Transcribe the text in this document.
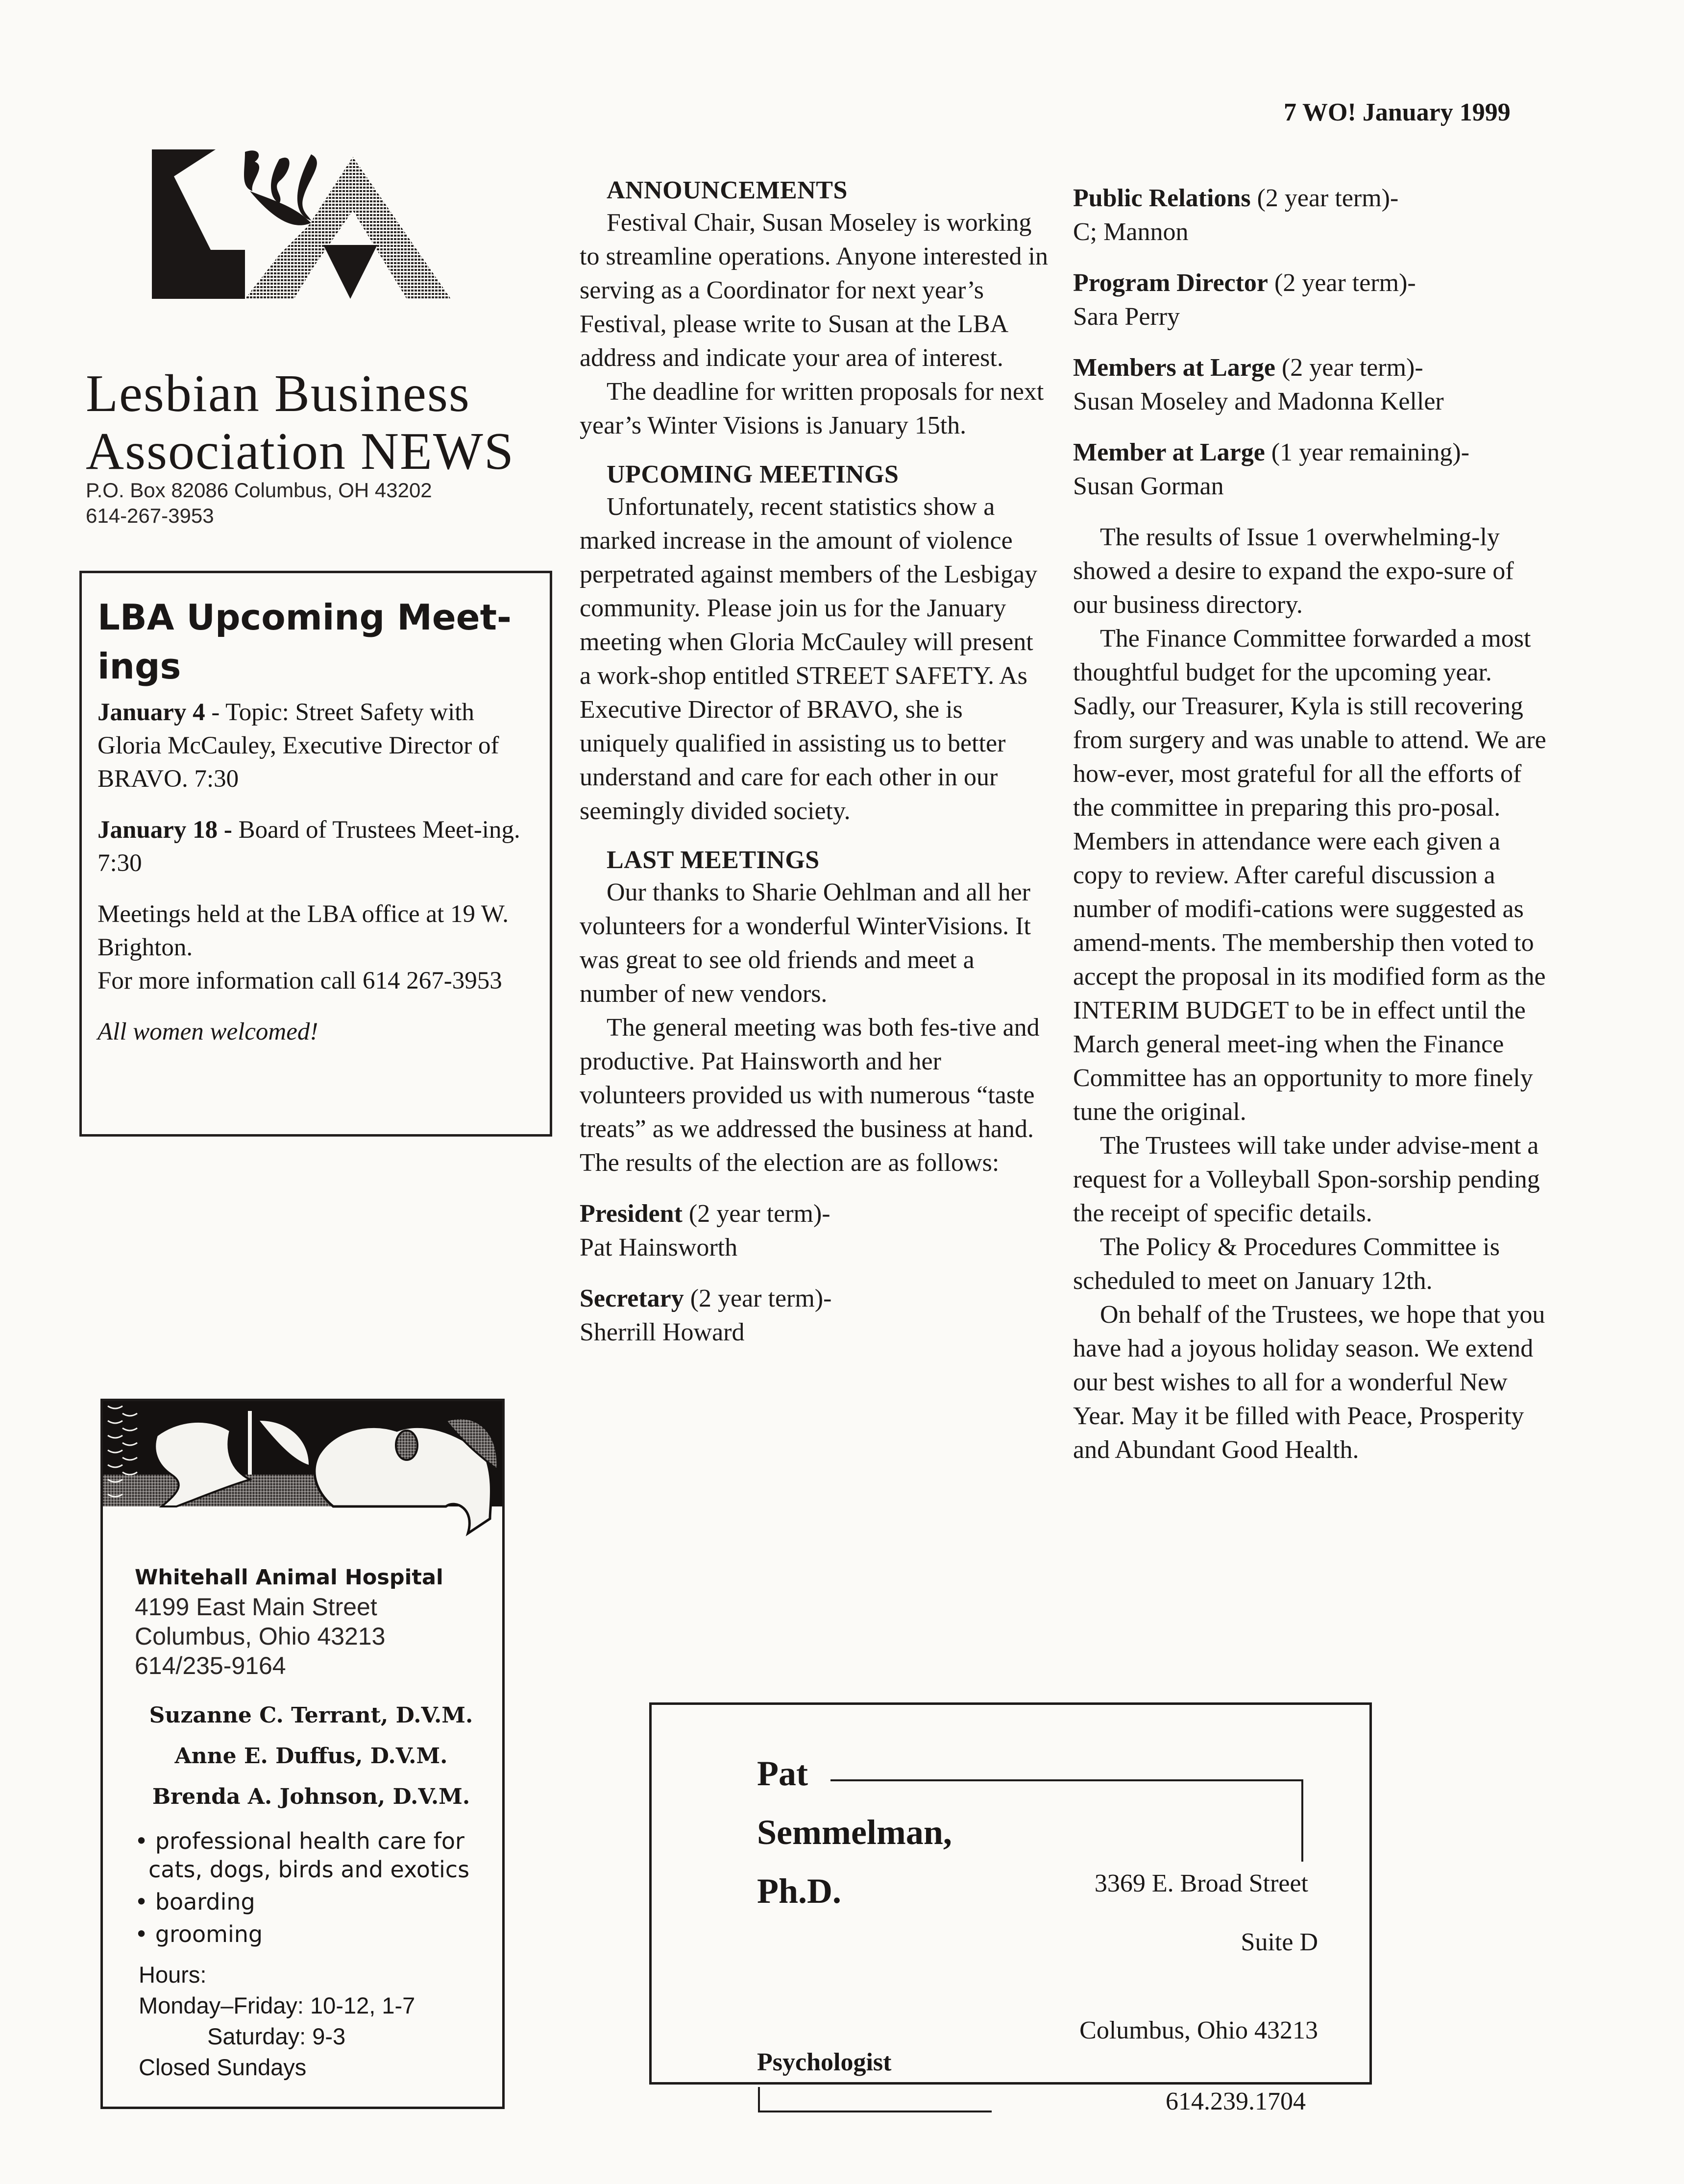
7 WO! January 1999
Lesbian Business
Association NEWS
P.O. Box 82086 Columbus, OH 43202
614-267-3953
LBA Upcoming Meet-ings
January 4 - Topic: Street Safety with Gloria McCauley, Executive Director of BRAVO. 7:30
January 18 - Board of Trustees Meet-ing. 7:30
Meetings held at the LBA office at 19 W. Brighton.
For more information call 614 267-3953
All women welcomed!
ANNOUNCEMENTS

Festival Chair, Susan Moseley is working to streamline operations. Anyone interested in serving as a Coordinator for next year’s Festival, please write to Susan at the LBA address and indicate your area of interest.

The deadline for written proposals for next year’s Winter Visions is January 15th.

UPCOMING MEETINGS

Unfortunately, recent statistics show a marked increase in the amount of violence perpetrated against members of the Lesbigay community. Please join us for the January meeting when Gloria McCauley will present a work-shop entitled STREET SAFETY. As Executive Director of BRAVO, she is uniquely qualified in assisting us to better understand and care for each other in our seemingly divided society.

LAST MEETINGS

Our thanks to Sharie Oehlman and all her volunteers for a wonderful WinterVisions. It was great to see old friends and meet a number of new vendors.

The general meeting was both fes-tive and productive. Pat Hainsworth and her volunteers provided us with numerous “taste treats” as we addressed the business at hand. The results of the election are as follows:

President (2 year term)-
Pat Hainsworth

Secretary (2 year term)-
Sherrill Howard

Public Relations (2 year term)-
C; Mannon

Program Director (2 year term)-
Sara Perry

Members at Large (2 year term)-
Susan Moseley and Madonna Keller

Member at Large (1 year remaining)-
Susan Gorman

The results of Issue 1 overwhelming-ly showed a desire to expand the expo-sure of our business directory.

The Finance Committee forwarded a most thoughtful budget for the upcoming year. Sadly, our Treasurer, Kyla is still recovering from surgery and was unable to attend. We are how-ever, most grateful for all the efforts of the committee in preparing this pro-posal. Members in attendance were each given a copy to review. After careful discussion a number of modifi-cations were suggested as amend-ments. The membership then voted to accept the proposal in its modified form as the INTERIM BUDGET to be in effect until the March general meet-ing when the Finance Committee has an opportunity to more finely tune the original.

The Trustees will take under advise-ment a request for a Volleyball Spon-sorship pending the receipt of specific details.

The Policy & Procedures Committee is scheduled to meet on January 12th.

On behalf of the Trustees, we hope that you have had a joyous holiday season. We extend our best wishes to all for a wonderful New Year. May it be filled with Peace, Prosperity and Abundant Good Health.

Whitehall Animal Hospital
4199 East Main Street
Columbus, Ohio 43213
614/235-9164
Suzanne C. Terrant, D.V.M.
Anne E. Duffus, D.V.M.
Brenda A. Johnson, D.V.M.
• professional health care for cats, dogs, birds and exotics
• boarding
• grooming
Hours:
Monday–Friday: 10-12, 1-7
Saturday: 9-3
Closed Sundays
Pat
Semmelman,
Ph.D.	3369 E. Broad Street
Suite D
Columbus, Ohio 43213
Psychologist
614.239.1704
